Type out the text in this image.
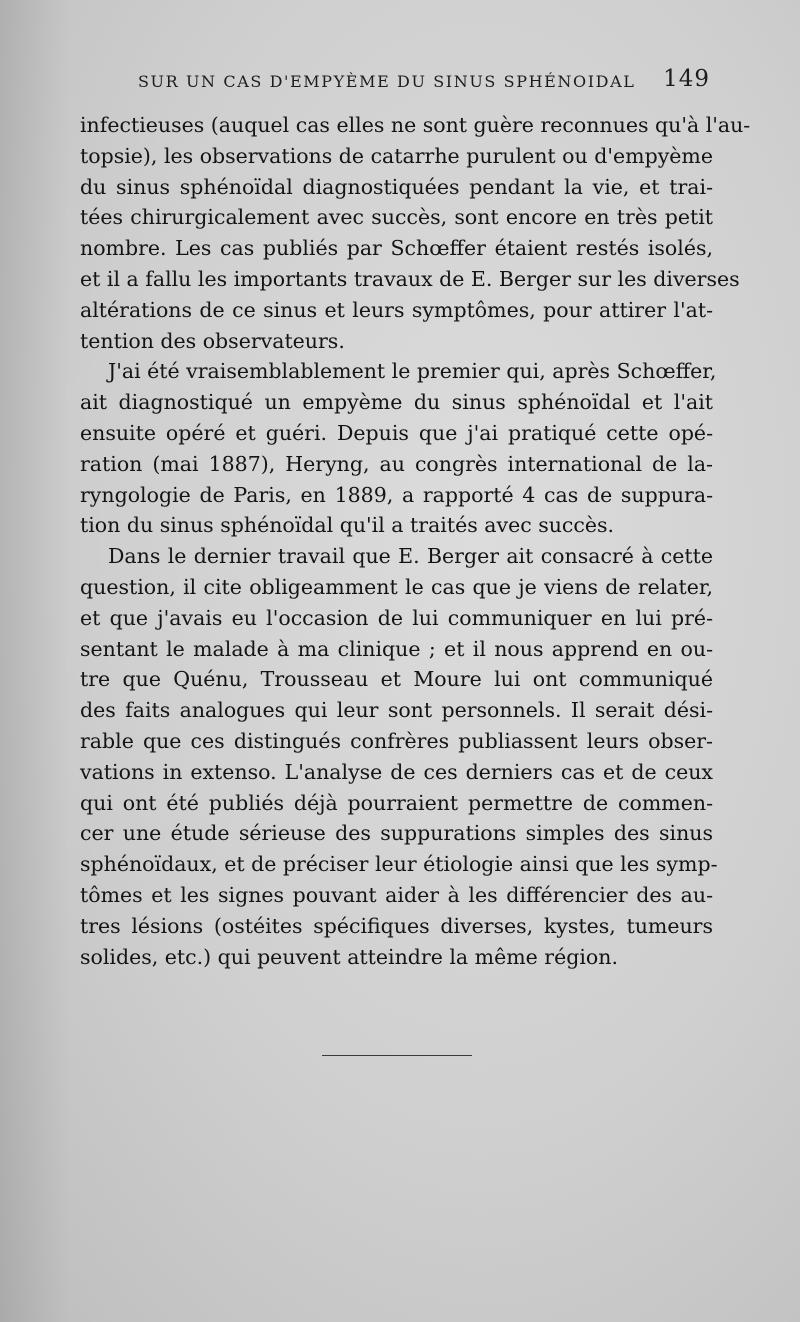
SUR UN CAS D'EMPYÈME DU SINUS SPHÉNOIDAL 149
infectieuses (auquel cas elles ne sont guère reconnues qu'à l'au-
topsie), les observations de catarrhe purulent ou d'empyème
du sinus sphénoïdal diagnostiquées pendant la vie, et trai-
tées chirurgicalement avec succès, sont encore en très petit
nombre. Les cas publiés par Schœffer étaient restés isolés,
et il a fallu les importants travaux de E. Berger sur les diverses
altérations de ce sinus et leurs symptômes, pour attirer l'at-
tention des observateurs.
J'ai été vraisemblablement le premier qui, après Schœffer,
ait diagnostiqué un empyème du sinus sphénoïdal et l'ait
ensuite opéré et guéri. Depuis que j'ai pratiqué cette opé-
ration (mai 1887), Heryng, au congrès international de la-
ryngologie de Paris, en 1889, a rapporté 4 cas de suppura-
tion du sinus sphénoïdal qu'il a traités avec succès.
Dans le dernier travail que E. Berger ait consacré à cette
question, il cite obligeamment le cas que je viens de relater,
et que j'avais eu l'occasion de lui communiquer en lui pré-
sentant le malade à ma clinique ; et il nous apprend en ou-
tre que Quénu, Trousseau et Moure lui ont communiqué
des faits analogues qui leur sont personnels. Il serait dési-
rable que ces distingués confrères publiassent leurs obser-
vations in extenso. L'analyse de ces derniers cas et de ceux
qui ont été publiés déjà pourraient permettre de commen-
cer une étude sérieuse des suppurations simples des sinus
sphénoïdaux, et de préciser leur étiologie ainsi que les symp-
tômes et les signes pouvant aider à les différencier des au-
tres lésions (ostéites spécifiques diverses, kystes, tumeurs
solides, etc.) qui peuvent atteindre la même région.
